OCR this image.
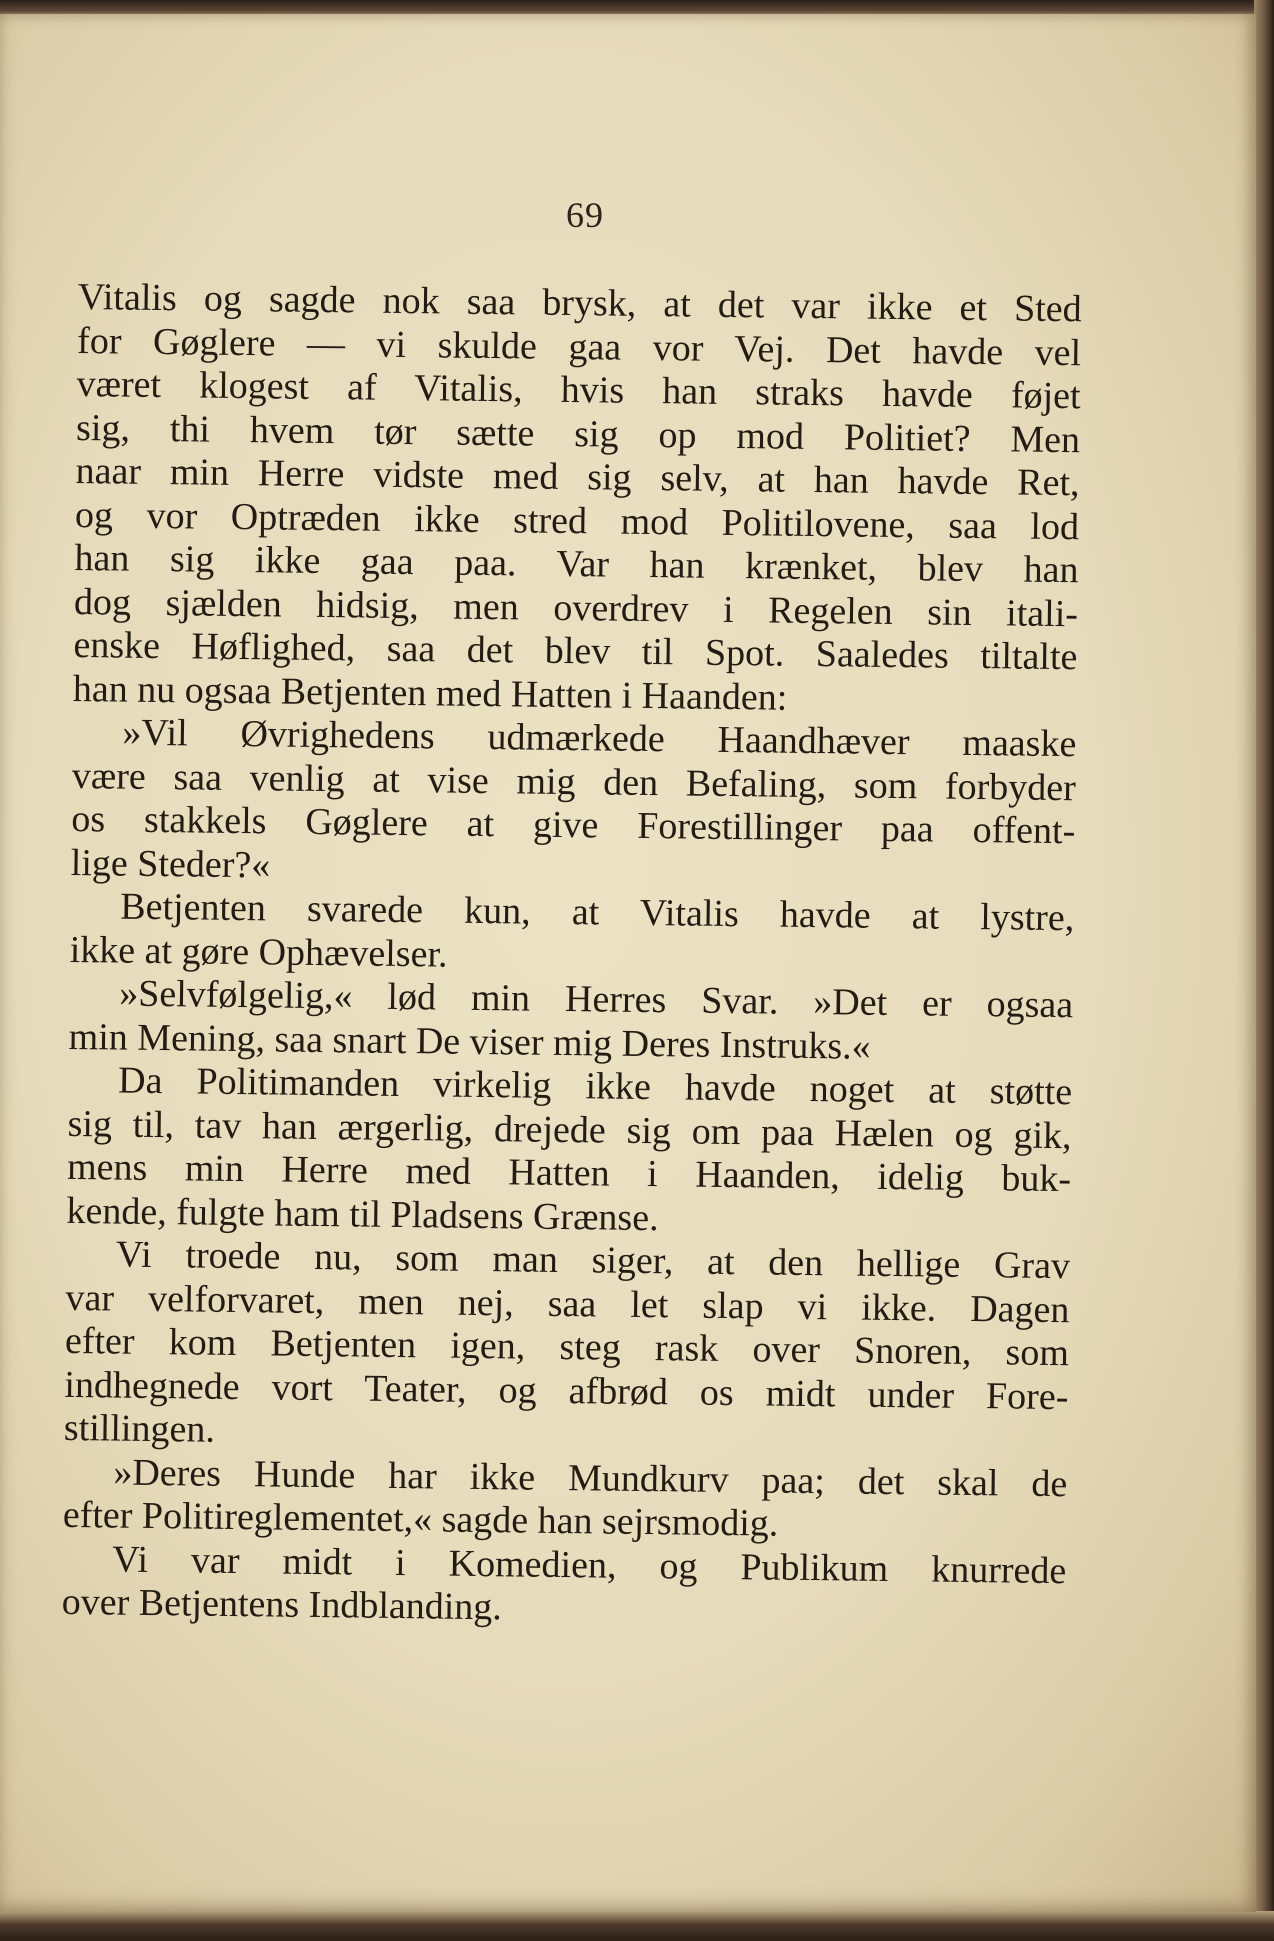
69
Vitalis og sagde nok saa brysk, at det var ikke et Sted
for Gøglere — vi skulde gaa vor Vej. Det havde vel
været klogest af Vitalis, hvis han straks havde føjet
sig, thi hvem tør sætte sig op mod Politiet? Men
naar min Herre vidste med sig selv, at han havde Ret,
og vor Optræden ikke stred mod Politilovene, saa lod
han sig ikke gaa paa. Var han krænket, blev han
dog sjælden hidsig, men overdrev i Regelen sin itali-
enske Høflighed, saa det blev til Spot. Saaledes tiltalte
han nu ogsaa Betjenten med Hatten i Haanden:
»Vil Øvrighedens udmærkede Haandhæver maaske
være saa venlig at vise mig den Befaling, som forbyder
os stakkels Gøglere at give Forestillinger paa offent-
lige Steder?«
Betjenten svarede kun, at Vitalis havde at lystre,
ikke at gøre Ophævelser.
»Selvfølgelig,« lød min Herres Svar. »Det er ogsaa
min Mening, saa snart De viser mig Deres Instruks.«
Da Politimanden virkelig ikke havde noget at støtte
sig til, tav han ærgerlig, drejede sig om paa Hælen og gik,
mens min Herre med Hatten i Haanden, idelig buk-
kende, fulgte ham til Pladsens Grænse.
Vi troede nu, som man siger, at den hellige Grav
var velforvaret, men nej, saa let slap vi ikke. Dagen
efter kom Betjenten igen, steg rask over Snoren, som
indhegnede vort Teater, og afbrød os midt under Fore-
stillingen.
»Deres Hunde har ikke Mundkurv paa; det skal de
efter Politireglementet,« sagde han sejrsmodig.
Vi var midt i Komedien, og Publikum knurrede
over Betjentens Indblanding.
